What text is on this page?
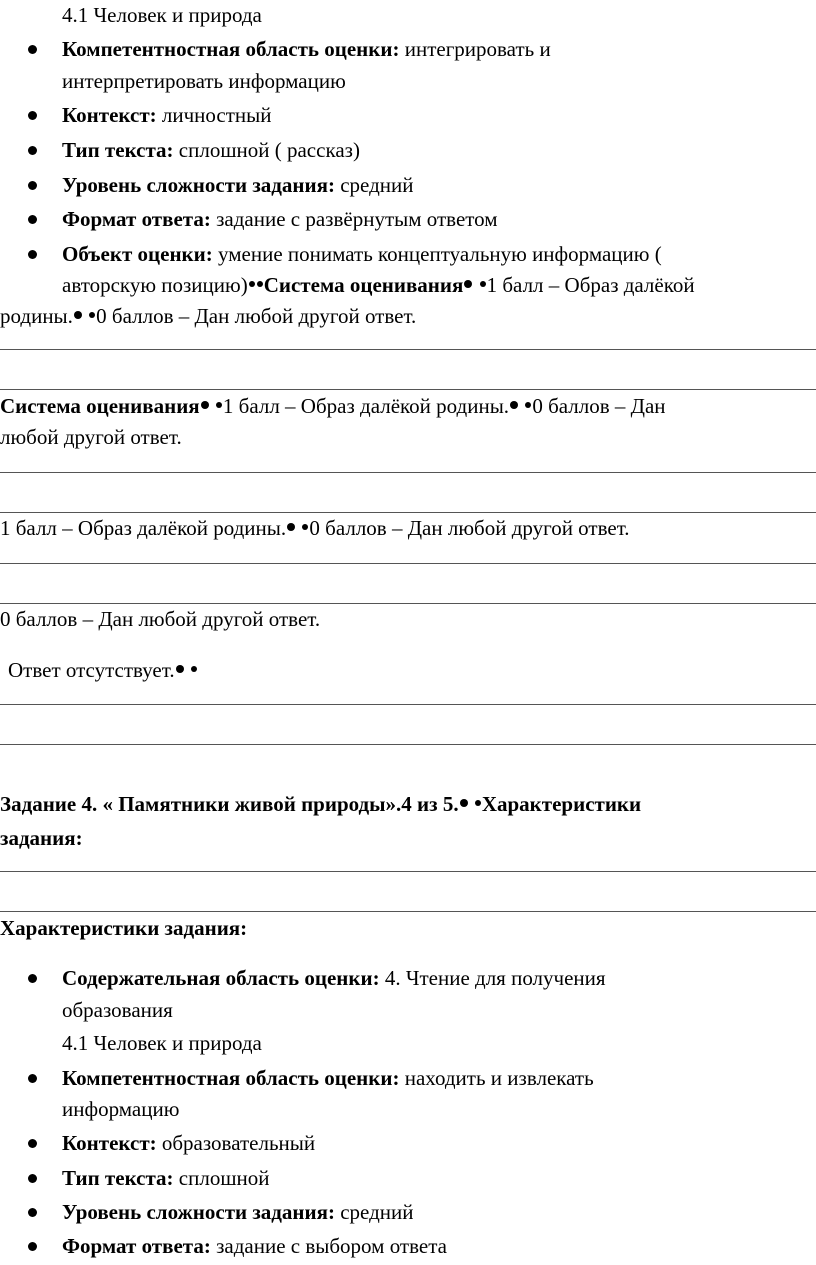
4.1 Человек и природа
Компетентностная область оценки: интегрировать и
интерпретировать информацию
Контекст: личностный
Тип текста: сплошной ( рассказ)
Уровень сложности задания: средний
Формат ответа: задание с развёрнутым ответом
Объект оценки: умение понимать концептуальную информацию (
авторскую позицию) Система оценивания 1 балл – Образ далёкой
родины. 0 баллов – Дан любой другой ответ.
Система оценивания 1 балл – Образ далёкой родины. 0 баллов – Дан
любой другой ответ.
1 балл – Образ далёкой родины. 0 баллов – Дан любой другой ответ.
0 баллов – Дан любой другой ответ.
Ответ отсутствует.
Задание 4. « Памятники живой природы».4 из 5. Характеристики
задания:
Характеристики задания:
Содержательная область оценки: 4. Чтение для получения
образования
4.1 Человек и природа
Компетентностная область оценки: находить и извлекать
информацию
Контекст: образовательный
Тип текста: сплошной
Уровень сложности задания: средний
Формат ответа: задание с выбором ответа
